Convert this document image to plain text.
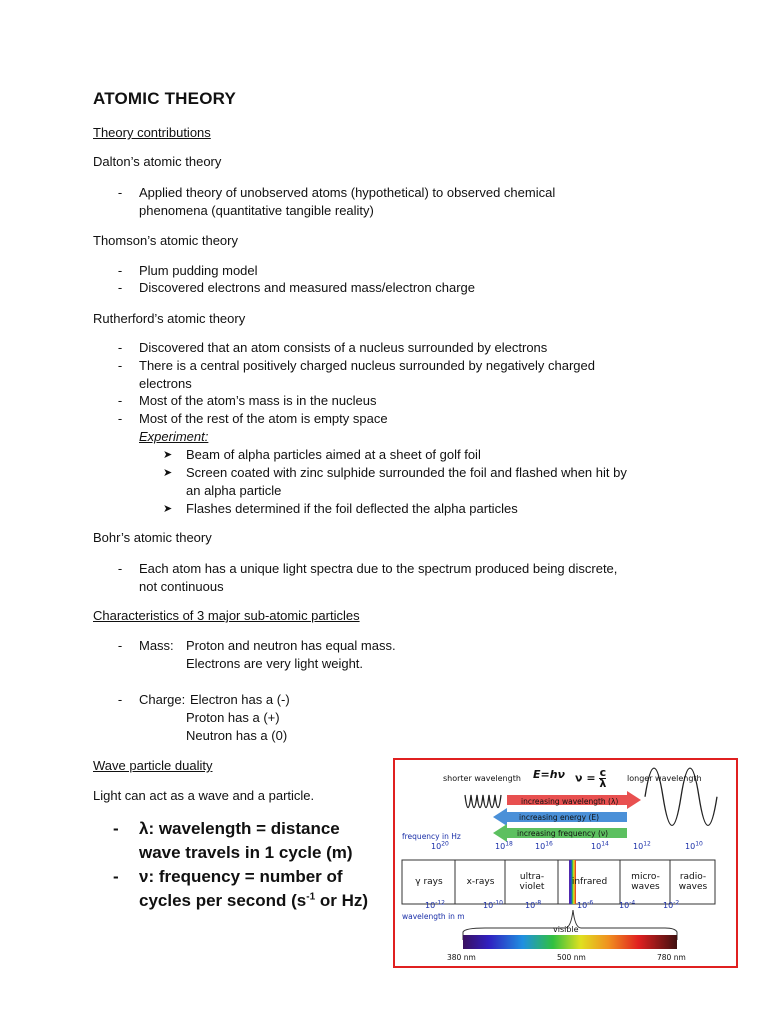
ATOMIC THEORY
Theory contributions
Dalton’s atomic theory
-	Applied theory of unobserved atoms (hypothetical) to observed chemical
phenomena (quantitative tangible reality)
Thomson’s atomic theory
-	Plum pudding model
-	Discovered electrons and measured mass/electron charge
Rutherford’s atomic theory
-	Discovered that an atom consists of a nucleus surrounded by electrons
-	There is a central positively charged nucleus surrounded by negatively charged
electrons
-	Most of the atom’s mass is in the nucleus
-	Most of the rest of the atom is empty space
Experiment:
➤ Beam of alpha particles aimed at a sheet of golf foil
➤ Screen coated with zinc sulphide surrounded the foil and flashed when hit by
an alpha particle
➤ Flashes determined if the foil deflected the alpha particles
Bohr’s atomic theory
-	Each atom has a unique light spectra due to the spectrum produced being discrete,
not continuous
Characteristics of 3 major sub-atomic particles
-	Mass: Proton and neutron has equal mass.
Electrons are very light weight.
-	Charge: Electron has a (-)
Proton has a (+)
Neutron has a (0)
Wave particle duality
Light can act as a wave and a particle.
- λ: wavelength = distance
wave travels in 1 cycle (m)
- ν: frequency = number of
cycles per second ($s^{-1}$ or Hz)
shorter wavelength	longer wavelength
E=hν $\nu = \frac{c}{\lambda}$
increasing wavelength (λ)
increasing energy (E)
increasing frequency (ν)
frequency in Hz
$10^{20}$	$10^{18}$	$10^{16}$	$10^{14}$	$10^{12}$	$10^{10}$
γ rays	x-rays	ultra-
violet	infrared	micro-
waves
radio-
waves
$10^{-12}$	$10^{-10}$	$10^{-8}$	$10^{-6}$	$10^{-4}$	$10^{-2}$
wavelength in m
visible
380 nm	500 nm	780 nm
